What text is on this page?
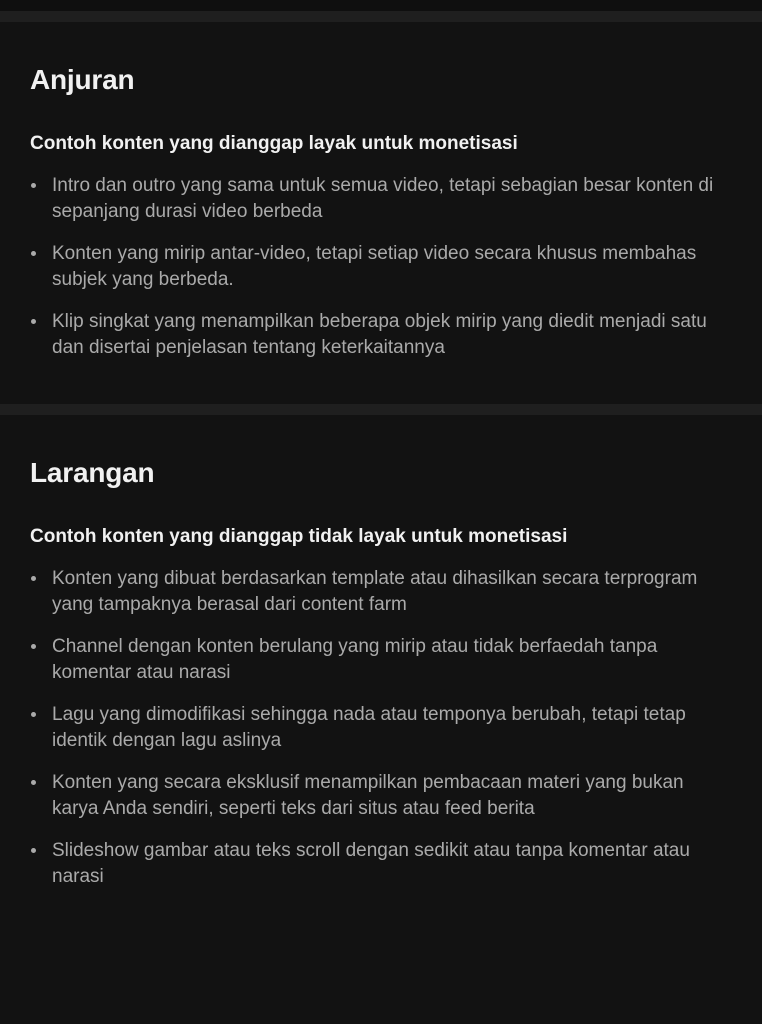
Anjuran
Contoh konten yang dianggap layak untuk monetisasi
Intro dan outro yang sama untuk semua video, tetapi sebagian besar konten di sepanjang durasi video berbeda
Konten yang mirip antar-video, tetapi setiap video secara khusus membahas subjek yang berbeda.
Klip singkat yang menampilkan beberapa objek mirip yang diedit menjadi satu dan disertai penjelasan tentang keterkaitannya
Larangan
Contoh konten yang dianggap tidak layak untuk monetisasi
Konten yang dibuat berdasarkan template atau dihasilkan secara terprogram yang tampaknya berasal dari content farm
Channel dengan konten berulang yang mirip atau tidak berfaedah tanpa komentar atau narasi
Lagu yang dimodifikasi sehingga nada atau temponya berubah, tetapi tetap identik dengan lagu aslinya
Konten yang secara eksklusif menampilkan pembacaan materi yang bukan karya Anda sendiri, seperti teks dari situs atau feed berita
Slideshow gambar atau teks scroll dengan sedikit atau tanpa komentar atau narasi
